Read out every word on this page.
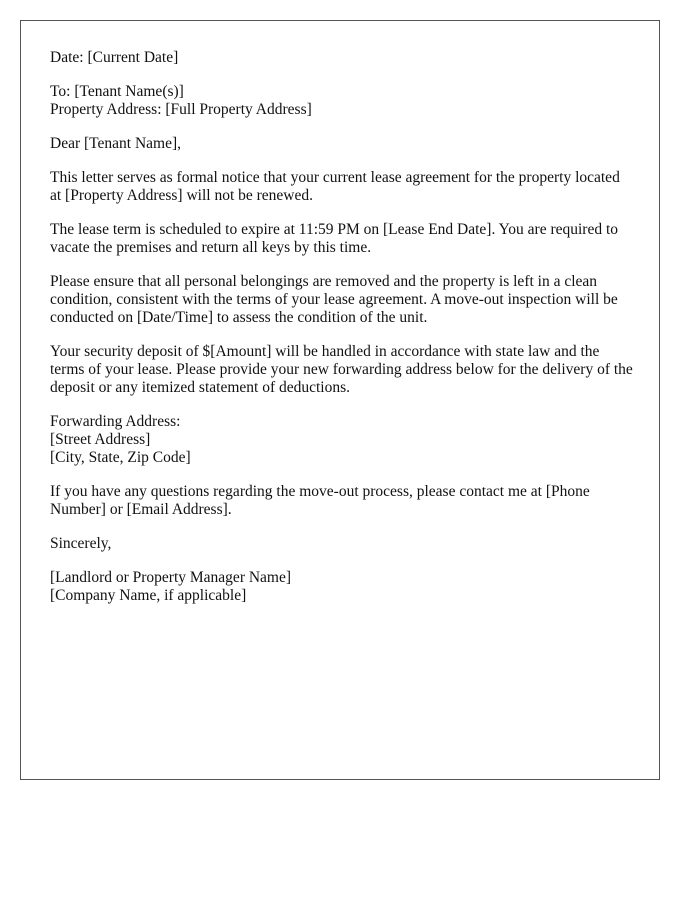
Date: [Current Date]

To: [Tenant Name(s)]
Property Address: [Full Property Address]

Dear [Tenant Name],

This letter serves as formal notice that your current lease agreement for the property located at [Property Address] will not be renewed.

The lease term is scheduled to expire at 11:59 PM on [Lease End Date]. You are required to vacate the premises and return all keys by this time.

Please ensure that all personal belongings are removed and the property is left in a clean condition, consistent with the terms of your lease agreement. A move-out inspection will be conducted on [Date/Time] to assess the condition of the unit.

Your security deposit of $[Amount] will be handled in accordance with state law and the terms of your lease. Please provide your new forwarding address below for the delivery of the deposit or any itemized statement of deductions.

Forwarding Address:
[Street Address]
[City, State, Zip Code]

If you have any questions regarding the move-out process, please contact me at [Phone Number] or [Email Address].

Sincerely,

[Landlord or Property Manager Name]
[Company Name, if applicable]
